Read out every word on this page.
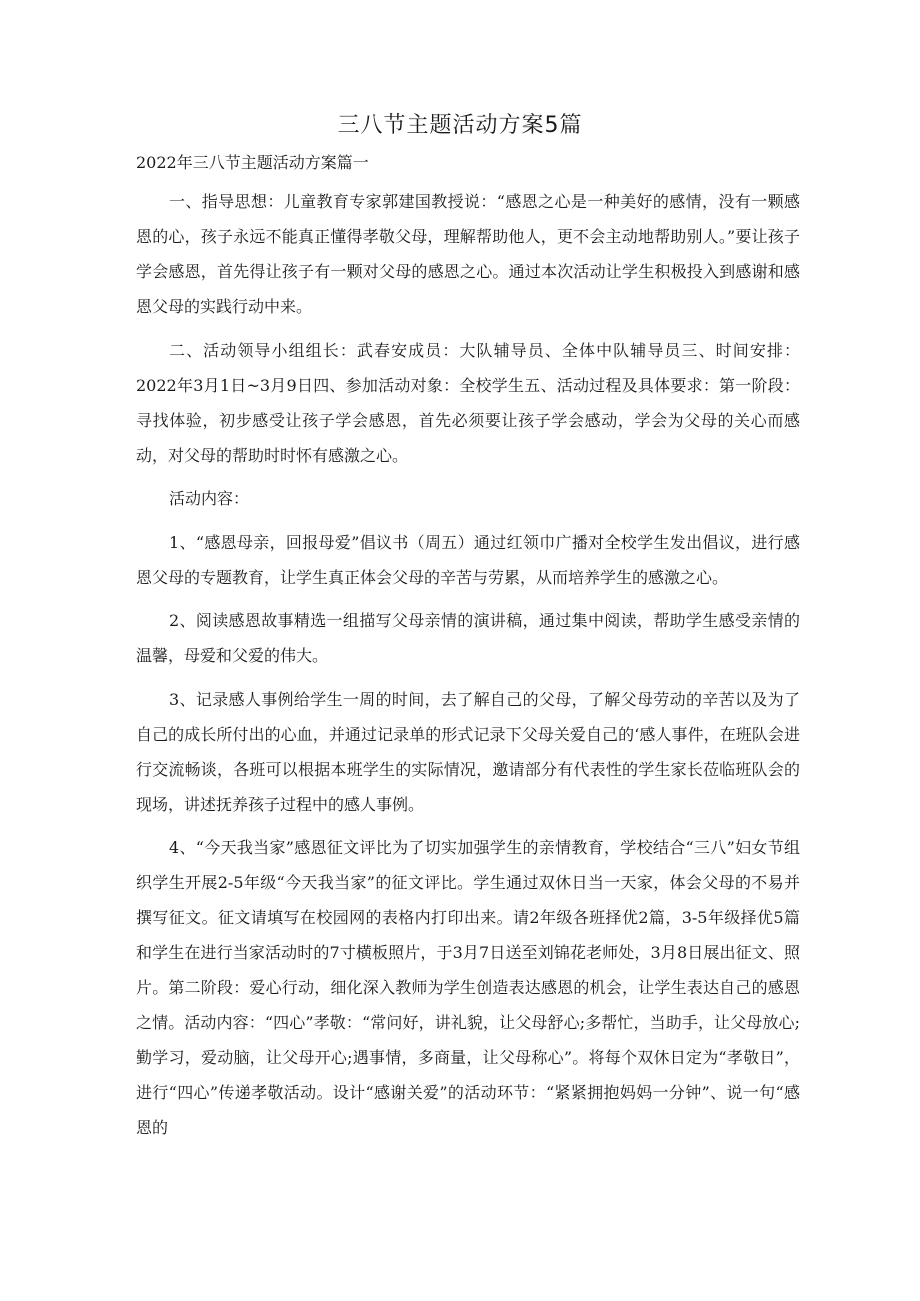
三八节主题活动方案5篇
2022年三八节主题活动方案篇一

一、指导思想：儿童教育专家郭建国教授说：“感恩之心是一种美好的感情，没有一颗感恩的心，孩子永远不能真正懂得孝敬父母，理解帮助他人，更不会主动地帮助别人。”要让孩子学会感恩，首先得让孩子有一颗对父母的感恩之心。通过本次活动让学生积极投入到感谢和感恩父母的实践行动中来。

二、活动领导小组组长：武春安成员：大队辅导员、全体中队辅导员三、时间安排：2022年3月1日~3月9日四、参加活动对象：全校学生五、活动过程及具体要求：第一阶段：寻找体验，初步感受让孩子学会感恩，首先必须要让孩子学会感动，学会为父母的关心而感动，对父母的帮助时时怀有感激之心。

活动内容：

1、“感恩母亲，回报母爱”倡议书（周五）通过红领巾广播对全校学生发出倡议，进行感恩父母的专题教育，让学生真正体会父母的辛苦与劳累，从而培养学生的感激之心。

2、阅读感恩故事精选一组描写父母亲情的演讲稿，通过集中阅读，帮助学生感受亲情的温馨，母爱和父爱的伟大。

3、记录感人事例给学生一周的时间，去了解自己的父母，了解父母劳动的辛苦以及为了自己的成长所付出的心血，并通过记录单的形式记录下父母关爱自己的‘感人事件，在班队会进行交流畅谈，各班可以根据本班学生的实际情况，邀请部分有代表性的学生家长莅临班队会的现场，讲述抚养孩子过程中的感人事例。

4、“今天我当家”感恩征文评比为了切实加强学生的亲情教育，学校结合“三八”妇女节组织学生开展2-5年级“今天我当家”的征文评比。学生通过双休日当一天家，体会父母的不易并撰写征文。征文请填写在校园网的表格内打印出来。请2年级各班择优2篇，3-5年级择优5篇和学生在进行当家活动时的7寸横板照片，于3月7日送至刘锦花老师处，3月8日展出征文、照片。第二阶段：爱心行动，细化深入教师为学生创造表达感恩的机会，让学生表达自己的感恩之情。活动内容：“四心”孝敬：“常问好，讲礼貌，让父母舒心;多帮忙，当助手，让父母放心;勤学习，爱动脑，让父母开心;遇事情，多商量，让父母称心”。将每个双休日定为“孝敬日”，进行“四心”传递孝敬活动。设计“感谢关爱”的活动环节：“紧紧拥抱妈妈一分钟”、说一句“感恩的
